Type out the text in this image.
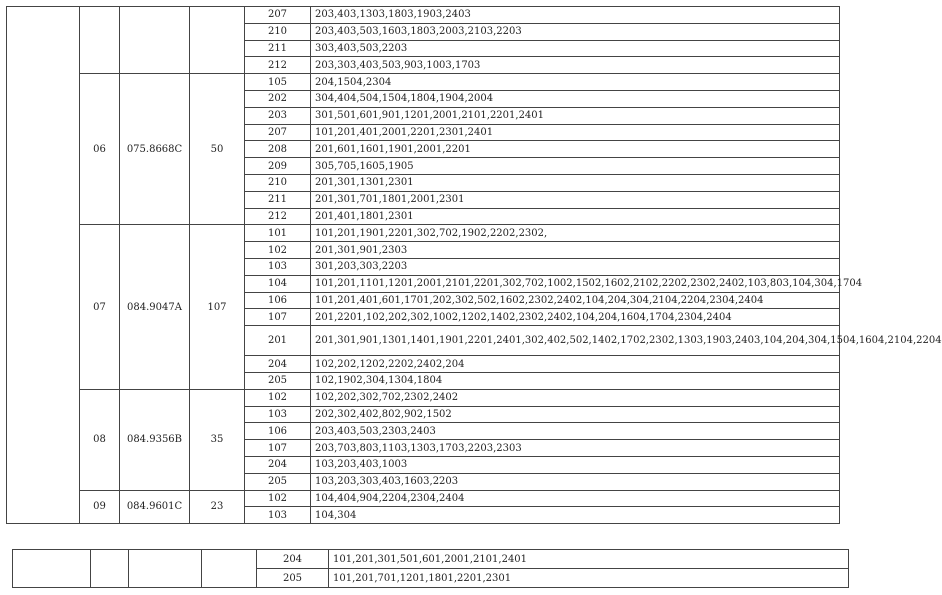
				207	203,403,1303,1803,1903,2403
				210	203,403,503,1603,1803,2003,2103,2203
				211	303,403,503,2203
				212	203,303,403,503,903,1003,1703
	06	075.8668C	50	105	204,1504,2304
				202	304,404,504,1504,1804,1904,2004
				203	301,501,601,901,1201,2001,2101,2201,2401
				207	101,201,401,2001,2201,2301,2401
				208	201,601,1601,1901,2001,2201
				209	305,705,1605,1905
				210	201,301,1301,2301
				211	201,301,701,1801,2001,2301
				212	201,401,1801,2301
	07	084.9047A	107	101	101,201,1901,2201,302,702,1902,2202,2302,
				102	201,301,901,2303
				103	301,203,303,2203
				104	101,201,1101,1201,2001,2101,2201,302,702,1002,1502,1602,2102,2202,2302,2402,103,803,104,304,1704
				106	101,201,401,601,1701,202,302,502,1602,2302,2402,104,204,304,2104,2204,2304,2404
				107	201,2201,102,202,302,1002,1202,1402,2302,2402,104,204,1604,1704,2304,2404
				201	201,301,901,1301,1401,1901,2201,2401,302,402,502,1402,1702,2302,1303,1903,2403,104,204,304,1504,1604,2104,2204
				204	102,202,1202,2202,2402,204
				205	102,1902,304,1304,1804
	08	084.9356B	35	102	102,202,302,702,2302,2402
				103	202,302,402,802,902,1502
				106	203,403,503,2303,2403
				107	203,703,803,1103,1303,1703,2203,2303
				204	103,203,403,1003
				205	103,203,303,403,1603,2203
	09	084.9601C	23	102	104,404,904,2204,2304,2404
				103	104,304
				204	101,201,301,501,601,2001,2101,2401
				205	101,201,701,1201,1801,2201,2301
